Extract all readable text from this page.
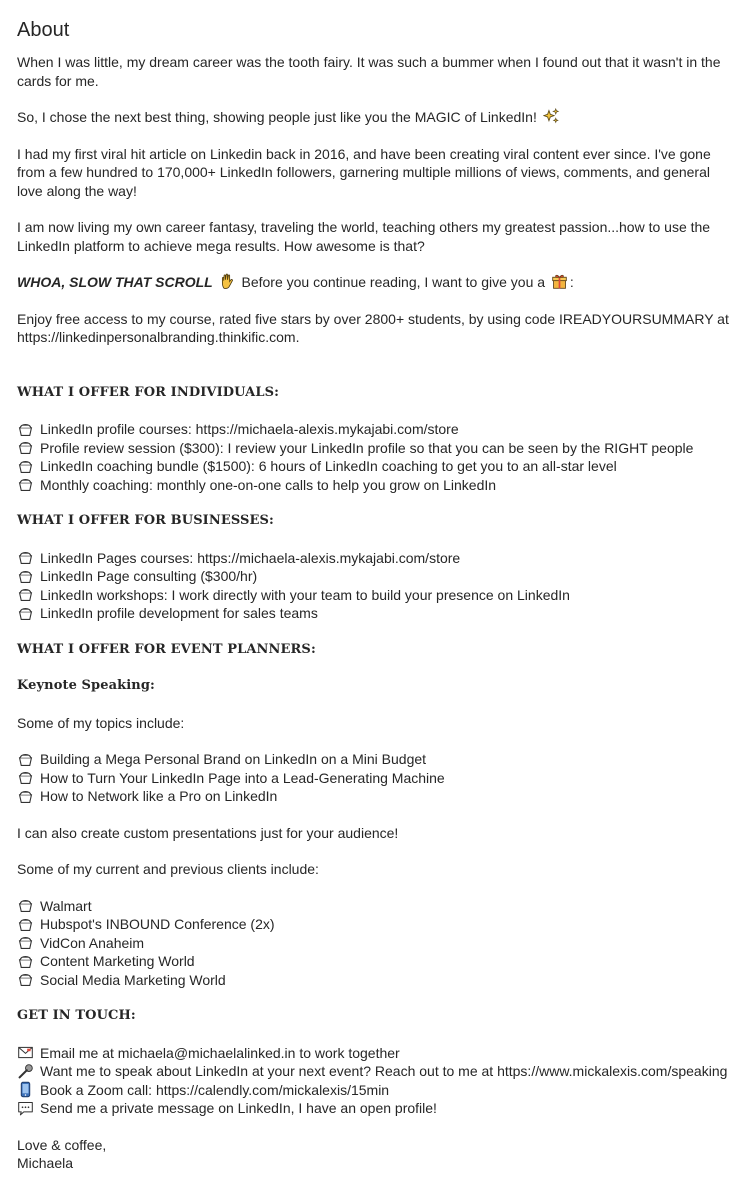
About

When I was little, my dream career was the tooth fairy. It was such a bummer when I found out that it wasn't in the cards for me.

So, I chose the next best thing, showing people just like you the MAGIC of LinkedIn!

I had my first viral hit article on Linkedin back in 2016, and have been creating viral content ever since. I've gone from a few hundred to 170,000+ LinkedIn followers, garnering multiple millions of views, comments, and general love along the way!

I am now living my own career fantasy, traveling the world, teaching others my greatest passion...how to use the LinkedIn platform to achieve mega results. How awesome is that?

WHOA, SLOW THAT SCROLL Before you continue reading, I want to give you a :

Enjoy free access to my course, rated five stars by over 2800+ students, by using code IREADYOURSUMMARY at https://linkedinpersonalbranding.thinkific.com.

WHAT I OFFER FOR INDIVIDUALS:

LinkedIn profile courses: https://michaela-alexis.mykajabi.com/store
Profile review session ($300): I review your LinkedIn profile so that you can be seen by the RIGHT people
LinkedIn coaching bundle ($1500): 6 hours of LinkedIn coaching to get you to an all-star level
Monthly coaching: monthly one-on-one calls to help you grow on LinkedIn

WHAT I OFFER FOR BUSINESSES:

LinkedIn Pages courses: https://michaela-alexis.mykajabi.com/store
LinkedIn Page consulting ($300/hr)
LinkedIn workshops: I work directly with your team to build your presence on LinkedIn
LinkedIn profile development for sales teams

WHAT I OFFER FOR EVENT PLANNERS:

Keynote Speaking:

Some of my topics include:

Building a Mega Personal Brand on LinkedIn on a Mini Budget
How to Turn Your LinkedIn Page into a Lead-Generating Machine
How to Network like a Pro on LinkedIn

I can also create custom presentations just for your audience!

Some of my current and previous clients include:

Walmart
Hubspot's INBOUND Conference (2x)
VidCon Anaheim
Content Marketing World
Social Media Marketing World

GET IN TOUCH:

Email me at michaela@michaelalinked.in to work together
Want me to speak about LinkedIn at your next event? Reach out to me at https://www.mickalexis.com/speaking
Book a Zoom call: https://calendly.com/mickalexis/15min
Send me a private message on LinkedIn, I have an open profile!

Love & coffee,

Michaela
